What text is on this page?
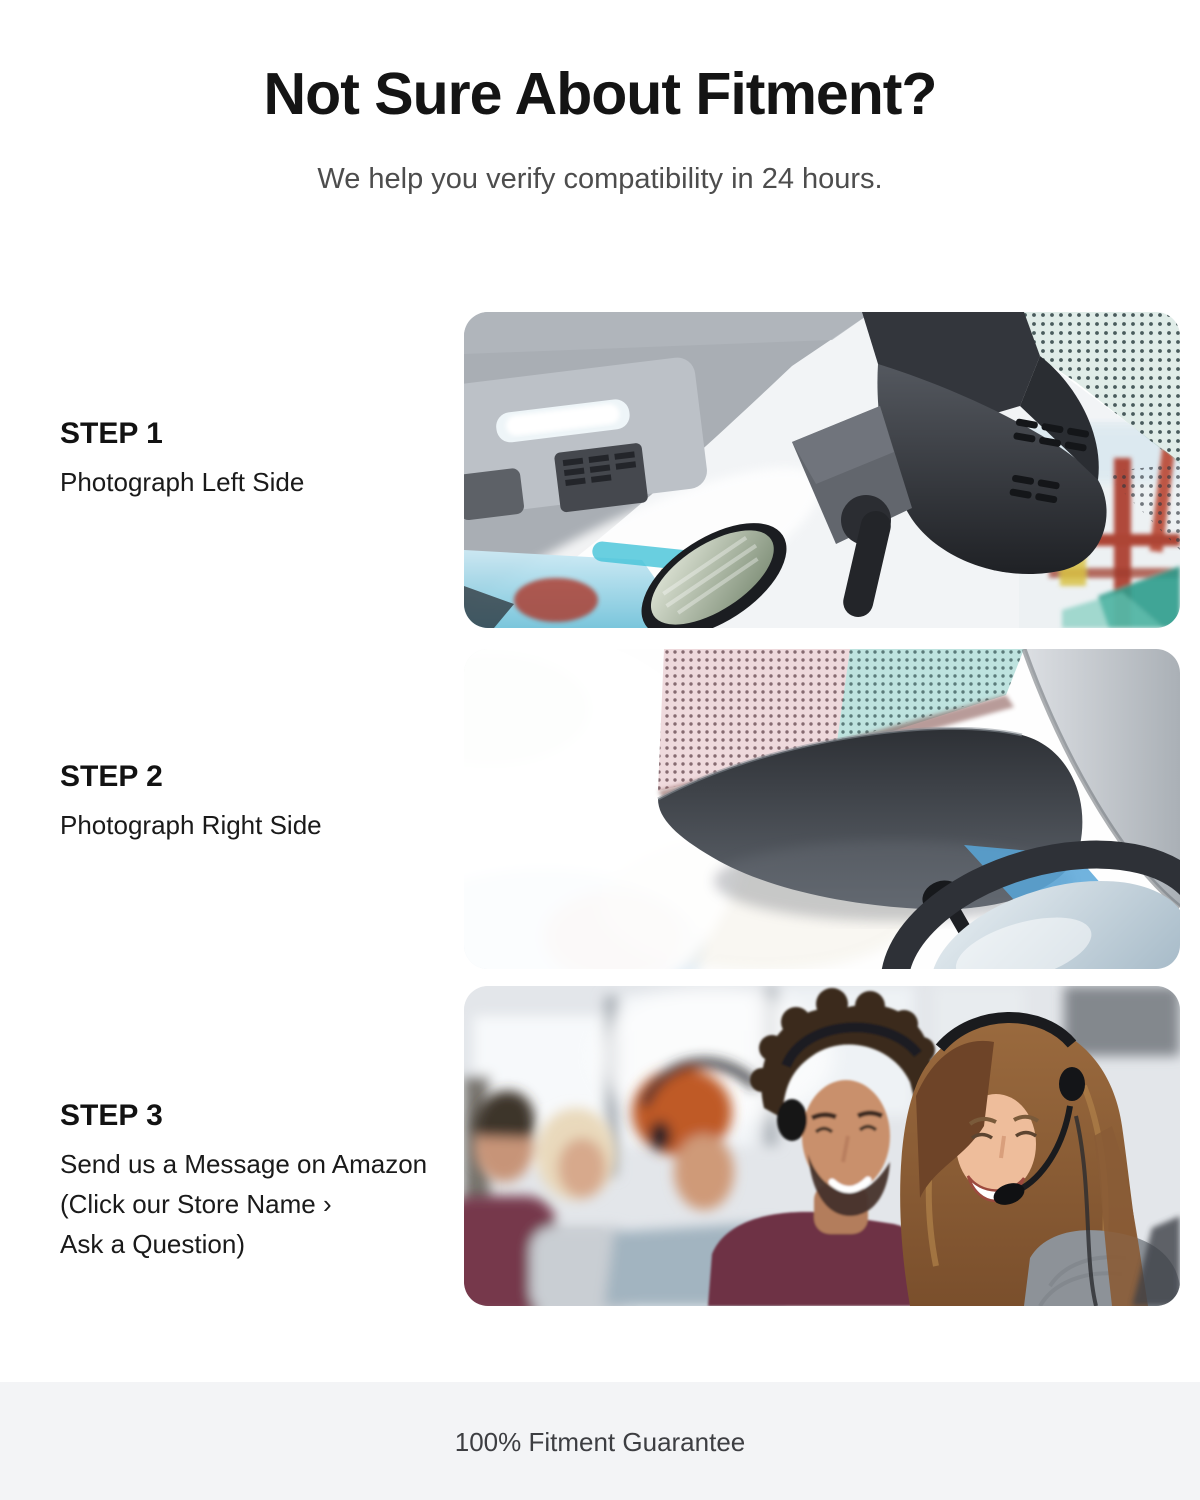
Not Sure About Fitment?

We help you verify compatibility in 24 hours.

STEP 1

Photograph Left Side

STEP 2

Photograph Right Side

STEP 3

Send us a Message on Amazon

(Click our Store Name ›

Ask a Question)

100% Fitment Guarantee
